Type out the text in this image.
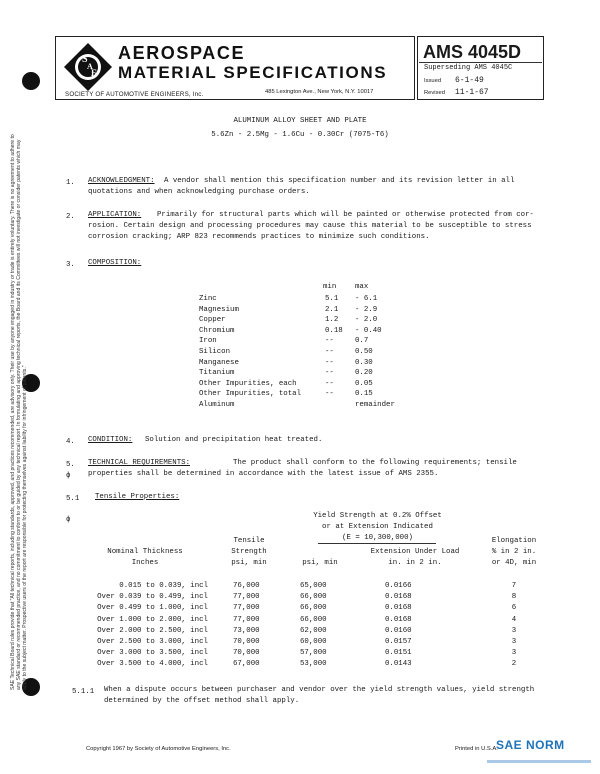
SAE Technical Board rules provide that "All technical reports, including standards, approved, and practices recommended, are advisory only. Their use by anyone engaged in industry or trade is entirely voluntary. There is no agreement to adhere to any SAE standard or recommended practice, and no commitment to conform to or be guided by any technical report. In formulating and approving technical reports, the Board and its Committees will not investigate or consider patents which may apply to the subject matter. Prospective users of the report are responsible for protecting themselves against liability for infringement of patents."
S
A
E
AEROSPACE
MATERIAL SPECIFICATIONS
SOCIETY OF AUTOMOTIVE ENGINEERS, Inc.	485 Lexington Ave., New York, N.Y. 10017
AMS 4045D
Superseding AMS 4045C
Issued 6-1-49
Revised 11-1-67
ALUMINUM ALLOY SHEET AND PLATE
5.6Zn - 2.5Mg - 1.6Cu - 0.30Cr (7075-T6)
1. ACKNOWLEDGMENT: A vendor shall mention this specification number and its revision letter in all
quotations and when acknowledging purchase orders.
2. APPLICATION: Primarily for structural parts which will be painted or otherwise protected from cor-
rosion. Certain design and processing procedures may cause this material to be susceptible to stress
corrosion cracking; ARP 823 recommends practices to minimize such conditions.
3. COMPOSITION:
min	max
Zinc	5.1 - 6.1
Magnesium	2.1 - 2.9
Copper	1.2 - 2.0
Chromium	0.18 - 0.40
Iron	--	0.7
Silicon	--	0.50
Manganese	--	0.30
Titanium	--	0.20
Other Impurities, each	--	0.05
Other Impurities, total	--	0.15
Aluminum	remainder
4. CONDITION: Solution and precipitation heat treated.
5.
ϕ
TECHNICAL REQUIREMENTS:	The product shall conform to the following requirements; tensile
properties shall be determined in accordance with the latest issue of AMS 2355.
5.1 Tensile Properties:
ϕ	Yield Strength at 0.2% Offset
or at Extension Indicated
(E = 10,300,000)
Tensile
Strength
psi, min
Nominal Thickness
Inches
Extension Under Load
in. in 2 in.
psi, min
Elongation
% in 2 in.
or 4D, min
0.015 to 0.039, incl	76,000	65,000	0.0166	7
Over 0.039 to 0.499, incl	77,000	66,000	0.0168	8
Over 0.499 to 1.000, incl	77,000	66,000	0.0168	6
Over 1.000 to 2.000, incl	77,000	66,000	0.0168	4
Over 2.000 to 2.500, incl	73,000	62,000	0.0160	3
Over 2.500 to 3.000, incl	70,000	60,000	0.0157	3
Over 3.000 to 3.500, incl	70,000	57,000	0.0151	3
Over 3.500 to 4.000, incl	67,000	53,000	0.0143	2
5.1.1 When a dispute occurs between purchaser and vendor over the yield strength values, yield strength
determined by the offset method shall apply.
Copyright 1967 by Society of Automotive Engineers, Inc.	Printed in U.S.A.
SAE NORM
